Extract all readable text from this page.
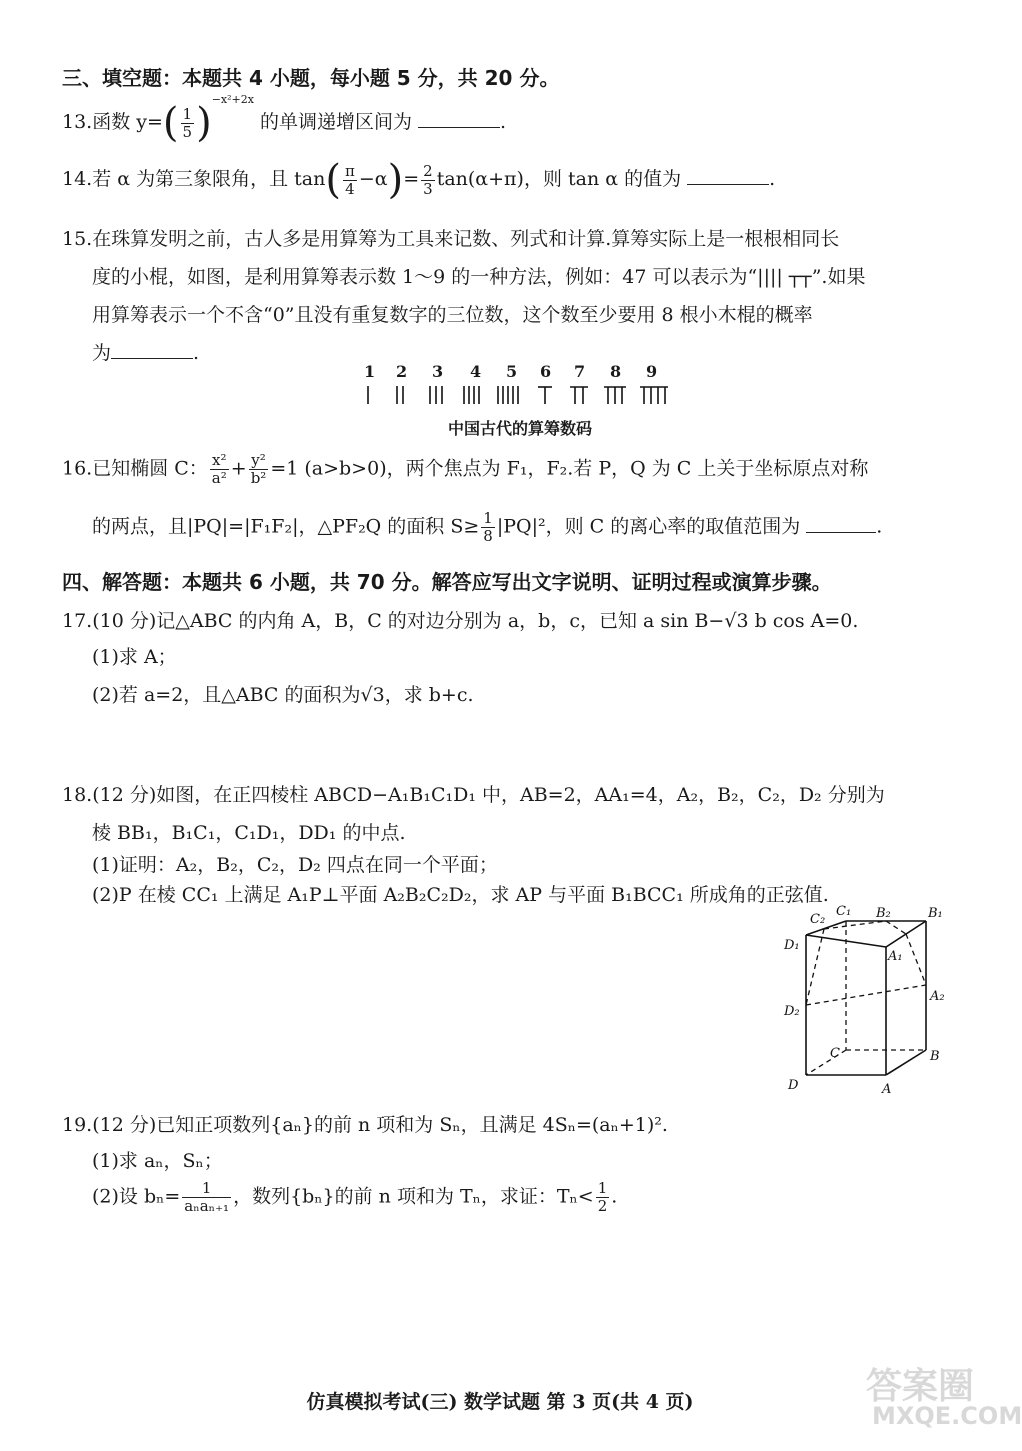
三、填空题：本题共 4 小题，每小题 5 分，共 20 分。
13.函数 $y=( \frac{1}{5} )^{-x^2+2x}$ 的单调递增区间为	.
14.若 α 为第三象限角，且 $\tan( \frac{\pi}{4} -\alpha)= \frac{2}{3} \tan(\alpha+\pi)$，则 tan α 的值为	.
15.在珠算发明之前，古人多是用算筹为工具来记数、列式和计算.算筹实际上是一根根相同长
度的小棍，如图，是利用算筹表示数 1～9 的一种方法，例如：47 可以表示为“|||| ┬┬”.如果
用算筹表示一个不含“0”且没有重复数字的三位数，这个数至少要用 8 根小木棍的概率
为	.
1 2 3 4 5 6 7 8 9
中国古代的算筹数码
16.已知椭圆 C： $\frac{\text{x²}}{\text{a²}} + \frac{\text{y²}}{\text{b²}} =1$ (a>b>0)，两个焦点为 F₁，F₂.若 P，Q 为 C 上关于坐标原点对称
的两点，且|PQ|=|F₁F₂|，△PF₂Q 的面积 $S\ge \frac{1}{8} |PQ|^2$，则 C 的离心率的取值范围为	.
四、解答题：本题共 6 小题，共 70 分。解答应写出文字说明、证明过程或演算步骤。
17.(10 分)记△ABC 的内角 A，B，C 的对边分别为 a，b，c，已知 a sin B−√3 b cos A=0.
(1)求 A；
(2)若 a=2，且△ABC 的面积为√3，求 b+c.
18.(12 分)如图，在正四棱柱 ABCD−A₁B₁C₁D₁ 中，AB=2，AA₁=4，A₂，B₂，C₂，D₂ 分别为
棱 BB₁，B₁C₁，C₁D₁，DD₁ 的中点.
(1)证明：A₂，B₂，C₂，D₂ 四点在同一个平面；
(2)P 在棱 CC₁ 上满足 A₁P⊥平面 A₂B₂C₂D₂，求 AP 与平面 B₁BCC₁ 所成角的正弦值.
C₂
C₁ B₂	B₁
D₁
A₁
A₂
D₂
C	B
D	A
19.(12 分)已知正项数列{aₙ}的前 n 项和为 Sₙ，且满足 4Sₙ=(aₙ+1)².
(1)求 aₙ，Sₙ；
(2)设 $b_n= \frac{1}{\text{aₙaₙ₊₁}}$ ，数列{bₙ}的前 n 项和为 Tₙ，求证：$T_n< \frac{1}{2}$ .
仿真模拟考试(三) 数学试题 第 3 页(共 4 页)	答案圈
MXQE.COM
